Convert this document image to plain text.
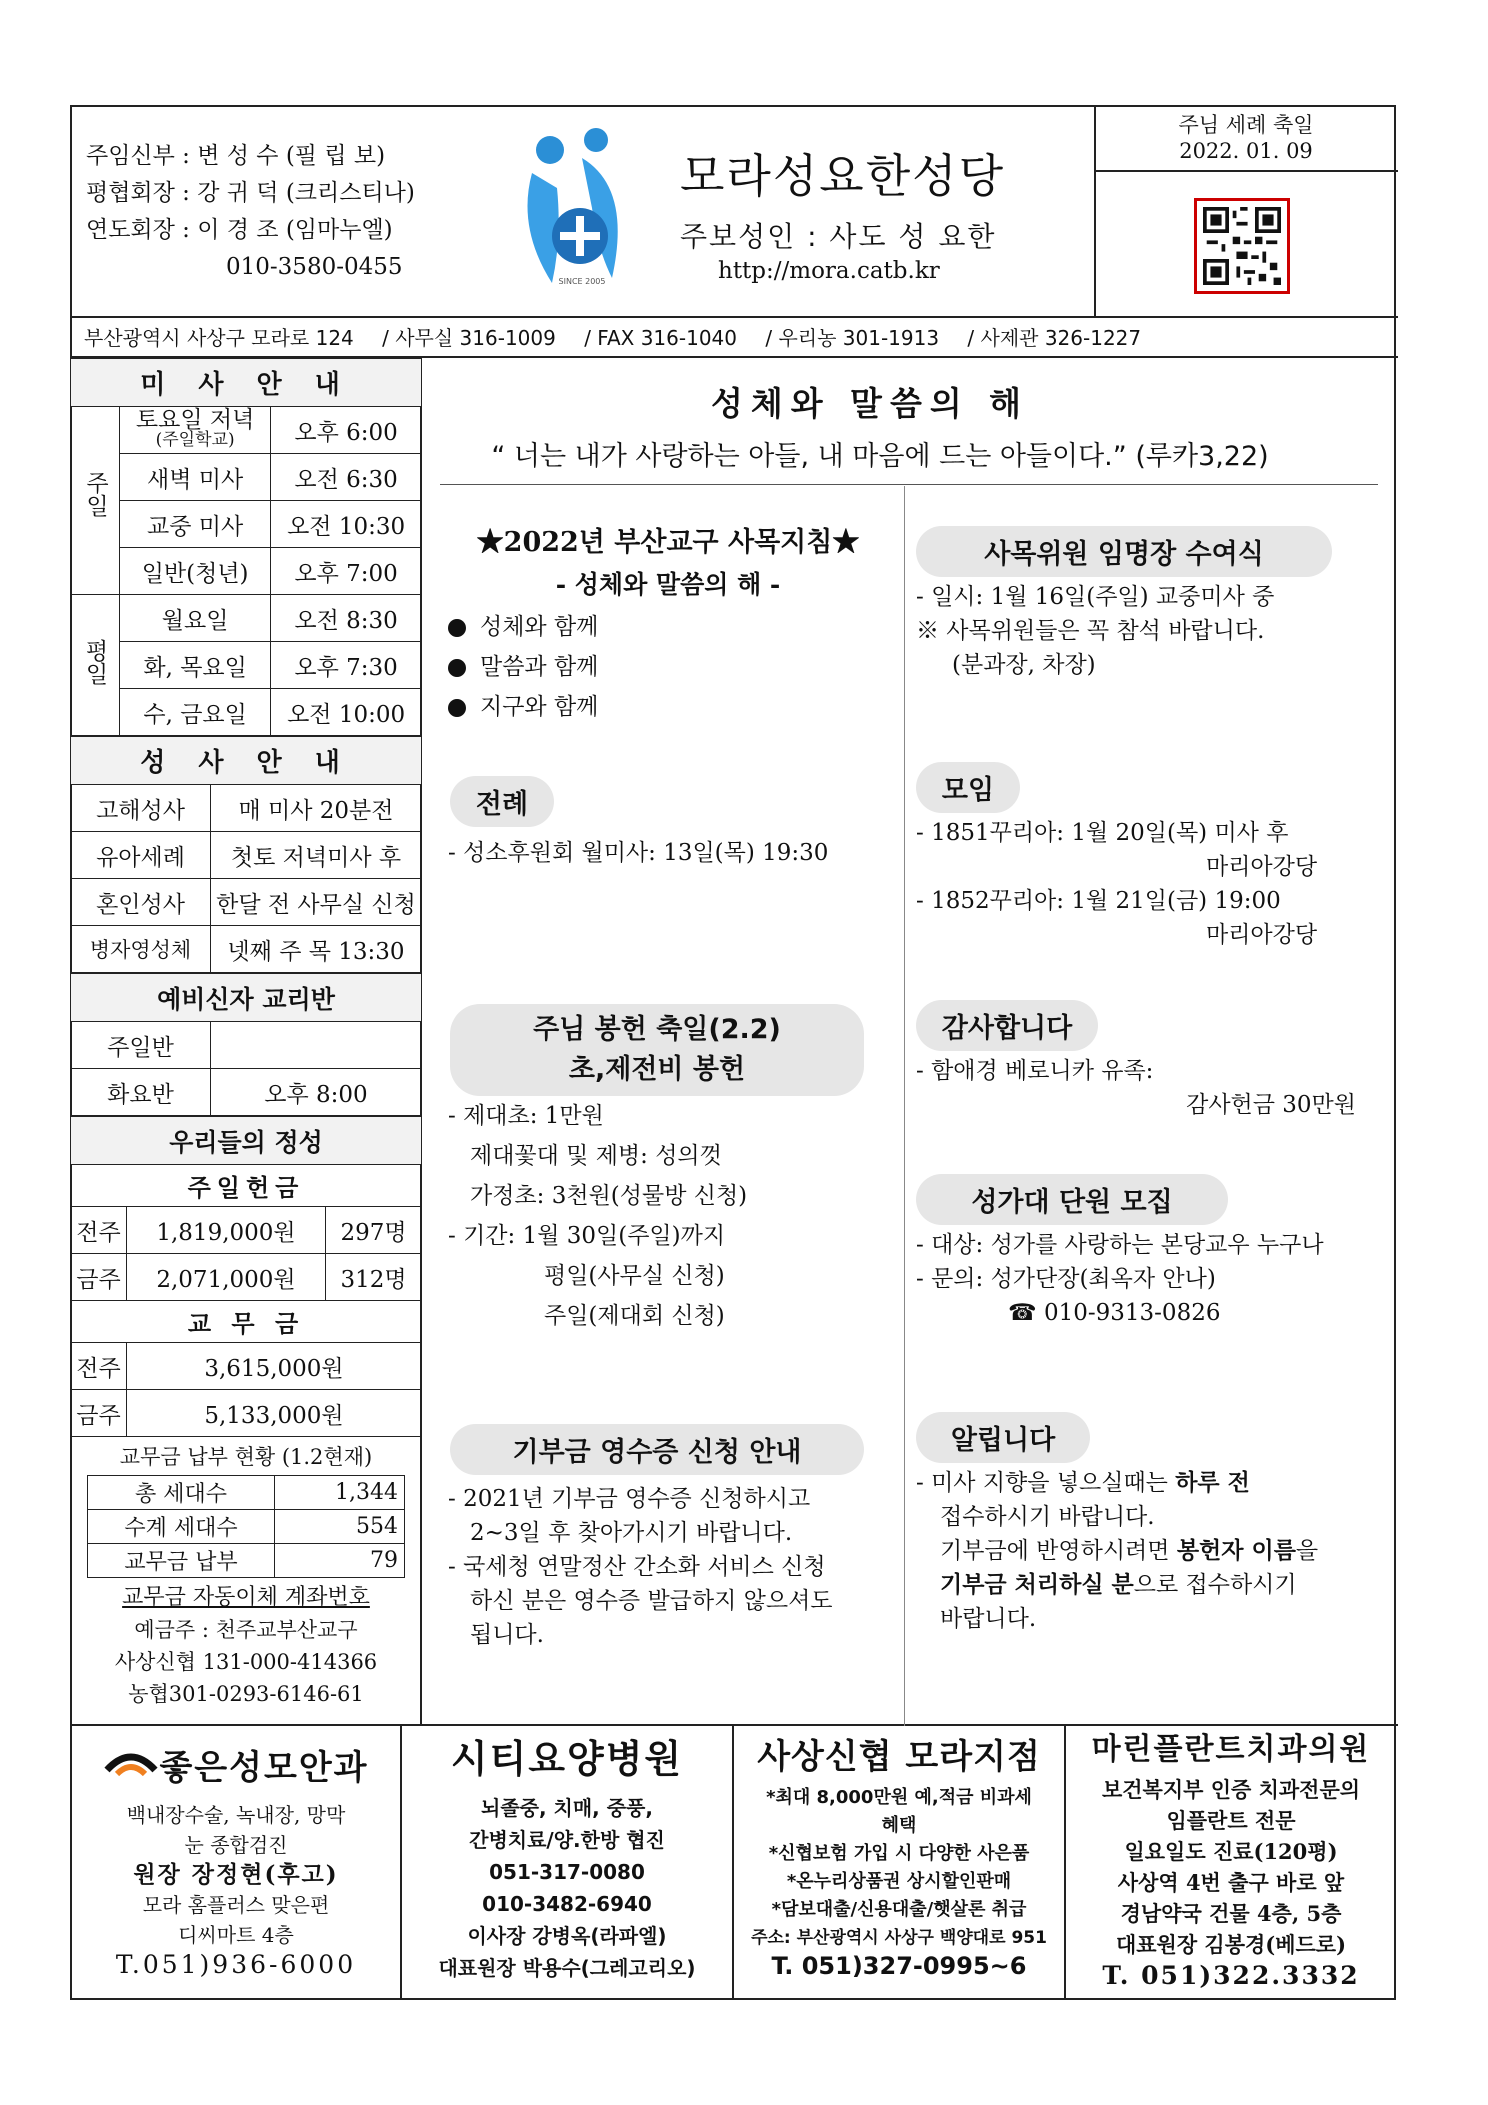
주임신부 : 변 성 수 (필 립 보)
평협회장 : 강 귀 덕 (크리스티나)
연도회장 : 이 경 조 (임마누엘)
010-3580-0455
SINCE 2005
모라성요한성당
주보성인 : 사도 성 요한
http://mora.catb.kr
주님 세례 축일
2022. 01. 09
부산광역시 사상구 모라로 124 / 사무실 316-1009 / FAX 316-1040 / 우리농 301-1913 / 사제관 326-1227
미 사 안 내		
주일	토요일 저녁
(주일학교)	오후 6:00
	새벽 미사	오전 6:30
	교중 미사	오전 10:30
	일반(청년)	오후 7:00
평일	월요일	오전 8:30
	화, 목요일	오후 7:30
	수, 금요일	오전 10:00
성 사 안 내	
고해성사	매 미사 20분전
유아세례	첫토 저녁미사 후
혼인성사	한달 전 사무실 신청
병자영성체	넷째 주 목 13:30
예비신자 교리반	
주일반	
화요반	오후 8:00
우리들의 정성		
주일헌금		
전주	1,819,000원	297명
금주	2,071,000원	312명
교 무 금		
전주	3,615,000원	
금주	5,133,000원	
교무금 납부 현황 (1.2현재)
총 세대수	1,344
수계 세대수	554
교무금 납부	79
교무금 자동이체 계좌번호
예금주 : 천주교부산교구
사상신협 131-000-414366
농협301-0293-6146-61
성체와 말씀의 해
“ 너는 내가 사랑하는 아들, 내 마음에 드는 아들이다.” (루카3,22)
★2022년 부산교구 사목지침★
- 성체와 말씀의 해 -
성체와 함께
말씀과 함께
지구와 함께
전례
- 성소후원회 월미사: 13일(목) 19:30
주님 봉헌 축일(2.2)
초,제전비 봉헌
- 제대초: 1만원
제대꽃대 및 제병: 성의껏
가정초: 3천원(성물방 신청)
- 기간: 1월 30일(주일)까지
평일(사무실 신청)
주일(제대회 신청)
기부금 영수증 신청 안내
- 2021년 기부금 영수증 신청하시고
2~3일 후 찾아가시기 바랍니다.
- 국세청 연말정산 간소화 서비스 신청
하신 분은 영수증 발급하지 않으셔도
됩니다.
사목위원 임명장 수여식
- 일시: 1월 16일(주일) 교중미사 중
※ 사목위원들은 꼭 참석 바랍니다.
(분과장, 차장)
모임
- 1851꾸리아: 1월 20일(목) 미사 후
마리아강당
- 1852꾸리아: 1월 21일(금) 19:00
마리아강당
감사합니다
- 함애경 베로니카 유족:
감사헌금 30만원
성가대 단원 모집
- 대상: 성가를 사랑하는 본당교우 누구나
- 문의: 성가단장(최옥자 안나)
☎ 010-9313-0826
알립니다
- 미사 지향을 넣으실때는 하루 전
접수하시기 바랍니다.
기부금에 반영하시려면 봉헌자 이름을
기부금 처리하실 분으로 접수하시기
바랍니다.
좋은성모안과
백내장수술, 녹내장, 망막
눈 종합검진
원장 장정현(후고)
모라 홈플러스 맞은편
디씨마트 4층
T.051)936-6000
시티요양병원
뇌졸중, 치매, 중풍,
간병치료/양.한방 협진
051-317-0080
010-3482-6940
이사장 강병옥(라파엘)
대표원장 박용수(그레고리오)
사상신협 모라지점
*최대 8,000만원 예,적금 비과세
혜택
*신협보험 가입 시 다양한 사은품
*온누리상품권 상시할인판매
*담보대출/신용대출/햇살론 취급
주소: 부산광역시 사상구 백양대로 951
T. 051)327-0995~6
마린플란트치과의원
보건복지부 인증 치과전문의
임플란트 전문
일요일도 진료(120평)
사상역 4번 출구 바로 앞
경남약국 건물 4층, 5층
대표원장 김봉경(베드로)
T. 051)322.3332
